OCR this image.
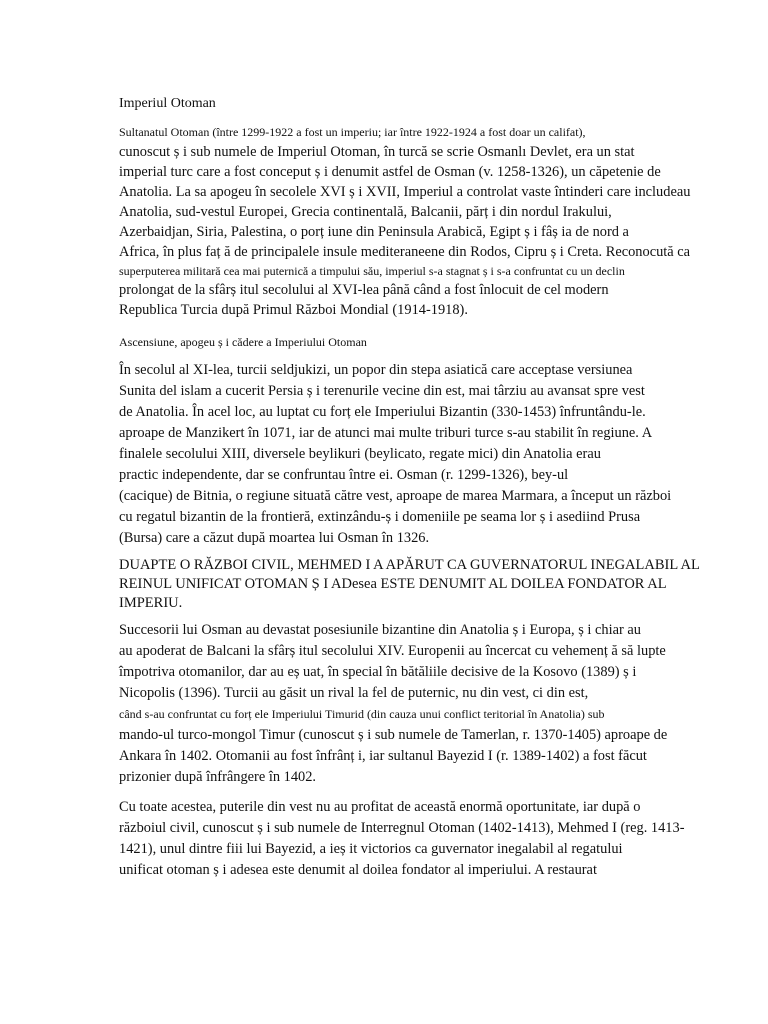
Imperiul Otoman
Sultanatul Otoman (între 1299-1922 a fost un imperiu; iar între 1922-1924 a fost doar un califat),
cunoscut ș i sub numele de Imperiul Otoman, în turcă se scrie Osmanlı Devlet, era un stat
imperial turc care a fost conceput ș i denumit astfel de Osman (v. 1258-1326), un căpetenie de
Anatolia. La sa apogeu în secolele XVI ș i XVII, Imperiul a controlat vaste întinderi care includeau
Anatolia, sud-vestul Europei, Grecia continentală, Balcanii, părț i din nordul Irakului,
Azerbaidjan, Siria, Palestina, o porț iune din Peninsula Arabică, Egipt ș i fâș ia de nord a
Africa, în plus faț ă de principalele insule mediteraneene din Rodos, Cipru ș i Creta. Reconocută ca
superputerea militară cea mai puternică a timpului său, imperiul s-a stagnat ș i s-a confruntat cu un declin
prolongat de la sfârș itul secolului al XVI-lea până când a fost înlocuit de cel modern
Republica Turcia după Primul Război Mondial (1914-1918).
Ascensiune, apogeu ș i cădere a Imperiului Otoman
În secolul al XI-lea, turcii seldjukizi, un popor din stepa asiatică care acceptase versiunea
Sunita del islam a cucerit Persia ș i terenurile vecine din est, mai târziu au avansat spre vest
de Anatolia. În acel loc, au luptat cu forț ele Imperiului Bizantin (330-1453) înfruntându-le.
aproape de Manzikert în 1071, iar de atunci mai multe triburi turce s-au stabilit în regiune. A
finalele secolului XIII, diversele beylikuri (beylicato, regate mici) din Anatolia erau
practic independente, dar se confruntau între ei. Osman (r. 1299-1326), bey-ul
(cacique) de Bitnia, o regiune situată către vest, aproape de marea Marmara, a început un război
cu regatul bizantin de la frontieră, extinzându-ș i domeniile pe seama lor ș i asediind Prusa
(Bursa) care a căzut după moartea lui Osman în 1326.
DUAPTE O RĂZBOI CIVIL, MEHMED I A APĂRUT CA GUVERNATORUL INEGALABIL AL
REINUL UNIFICAT OTOMAN Ș I ADesea ESTE DENUMIT AL DOILEA FONDATOR AL
IMPERIU.
Succesorii lui Osman au devastat posesiunile bizantine din Anatolia ș i Europa, ș i chiar au
au apoderat de Balcani la sfârș itul secolului XIV. Europenii au încercat cu vehemenț ă să lupte
împotriva otomanilor, dar au eș uat, în special în bătăliile decisive de la Kosovo (1389) ș i
Nicopolis (1396). Turcii au găsit un rival la fel de puternic, nu din vest, ci din est,
când s-au confruntat cu forț ele Imperiului Timurid (din cauza unui conflict teritorial în Anatolia) sub
mando-ul turco-mongol Timur (cunoscut ș i sub numele de Tamerlan, r. 1370-1405) aproape de
Ankara în 1402. Otomanii au fost înfrânț i, iar sultanul Bayezid I (r. 1389-1402) a fost făcut
prizonier după înfrângere în 1402.
Cu toate acestea, puterile din vest nu au profitat de această enormă oportunitate, iar după o
războiul civil, cunoscut ș i sub numele de Interregnul Otoman (1402-1413), Mehmed I (reg. 1413-
1421), unul dintre fiii lui Bayezid, a ieș it victorios ca guvernator inegalabil al regatului
unificat otoman ș i adesea este denumit al doilea fondator al imperiului. A restaurat
